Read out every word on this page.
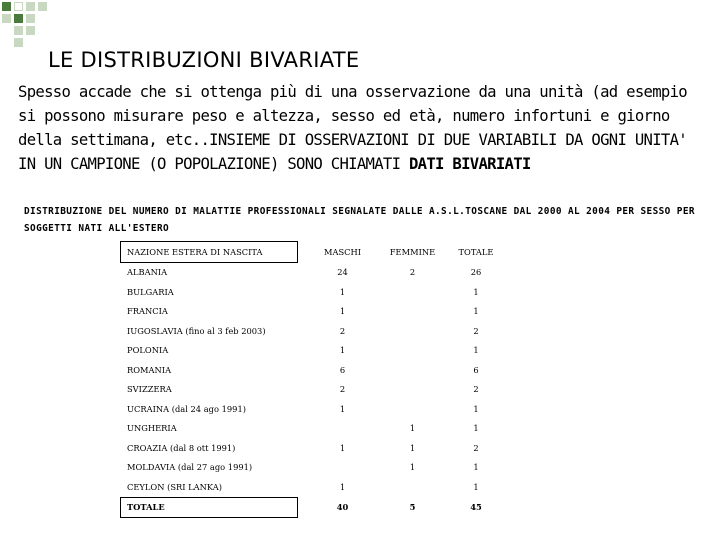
LE DISTRIBUZIONI BIVARIATE

Spesso accade che si ottenga più di una osservazione da una unità (ad esempio si possono misurare peso e altezza, sesso ed età, numero infortuni e giorno della settimana, etc..INSIEME DI OSSERVAZIONI DI DUE VARIABILI DA OGNI UNITA' IN UN CAMPIONE (O POPOLAZIONE) SONO CHIAMATI DATI BIVARIATI

DISTRIBUZIONE DEL NUMERO DI MALATTIE PROFESSIONALI SEGNALATE DALLE A.S.L.TOSCANE DAL 2000 AL 2004 PER SESSO PER SOGGETTI NATI ALL'ESTERO

NAZIONE ESTERA DI NASCITA		MASCHI	FEMMINE	TOTALE
ALBANIA		24	2	26
BULGARIA		1		1
FRANCIA		1		1
IUGOSLAVIA (fino al 3 feb 2003)		2		2
POLONIA		1		1
ROMANIA		6		6
SVIZZERA		2		2
UCRAINA (dal 24 ago 1991)		1		1
UNGHERIA			1	1
CROAZIA (dal 8 ott 1991)		1	1	2
MOLDAVIA (dal 27 ago 1991)			1	1
CEYLON (SRI LANKA)		1		1
TOTALE		40	5	45
